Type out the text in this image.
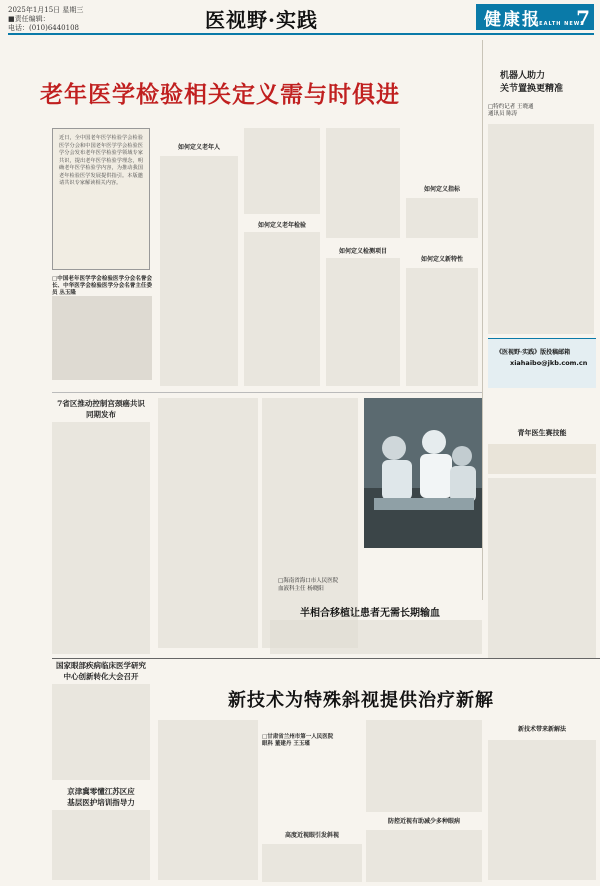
2025年1月15日 星期三
■责任编辑：
电话：(010)6440108	医视野·实践	健康报
HEALTH NEWS
7
老年医学检验相关定义需与时俱进
近日，全中国老年医学检验学会检验医学分会和中国老年医学学会检验医学分会发布老年医学检验学领域专家共识，提出老年医学检验学理念，明确老年医学检验学内容，为推动我国老年检验医学发展提供指引。本版邀请共识专家解读相关内容。
□中国老年医学学会检验医学分会名誉会长、中华医学会检验医学分会名誉主任委员 丛玉隆
如何定义老年人
如何定义老年检验
如何定义检测项目
如何定义指标
如何定义新特性
机器人助力
关节置换更精准
□特约记者 王晓通
通讯员 陈涛
《医视野·实践》版投稿邮箱
xiahaibo@jkb.com.cn
7省区推动控制宫颈癌共识
同期发布
国家眼部疾病临床医学研究
中心创新转化大会召开
□海南省海口市人民医院
血液科主任 杨晓阳
半相合移植让患者无需长期输血
青年医生赛技能
新技术为特殊斜视提供治疗新解
京津冀零懂江苏区应
基层医护培训指导力
□甘肃省兰州市第一人民医院
眼科 董建丹 王玉瑾
高度近视眼引发斜视
防控近视有助减少多种眼病
新技术带来新解法
